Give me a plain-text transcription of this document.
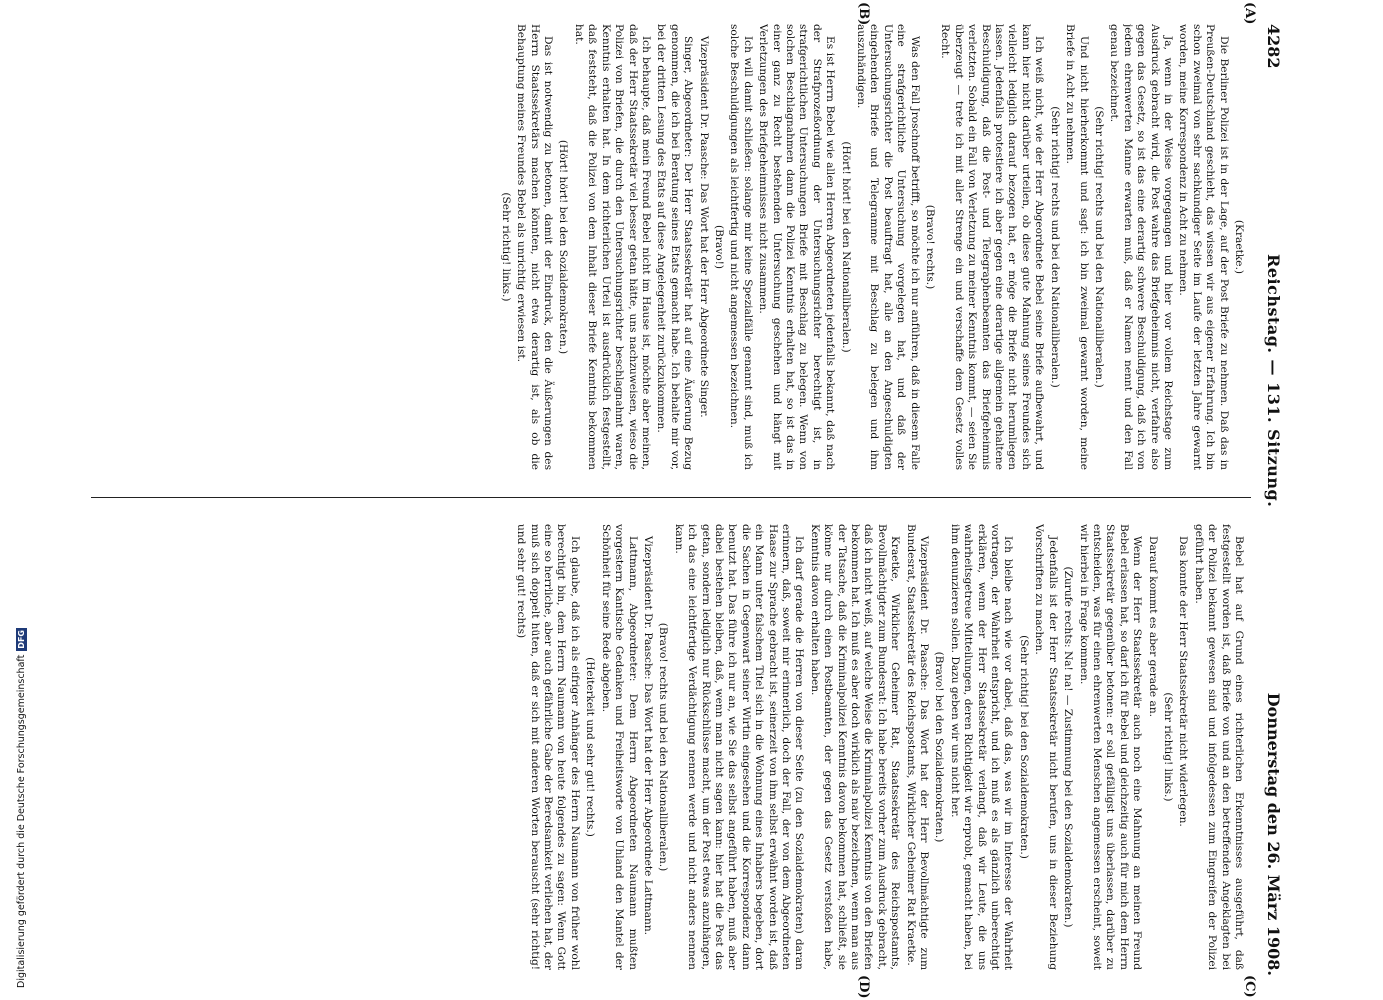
4282
Reichstag. — 131. Sitzung.
Donnerstag den 26. März 1908.
(A)
(B)
(C)
(D)

(Kraetke.)

Die Berliner Polizei ist in der Lage, auf der Post Briefe zu nehmen. Daß das in Preußen-Deutschland geschieht, das wissen wir aus eigener Erfahrung. Ich bin schon zweimal von sehr sachkundiger Seite im Laufe der letzten Jahre gewarnt worden, meine Korrespondenz in Acht zu nehmen.

Ja, wenn in der Weise vorgegangen und hier vor vollem Reichstage zum Ausdruck gebracht wird, die Post wahre das Briefgeheimnis nicht, verfahre also gegen das Gesetz, so ist das eine derartig schwere Beschuldigung, daß ich von jedem ehrenwerten Manne erwarten muß, daß er Namen nennt und den Fall genau bezeichnet.

(Sehr richtig! rechts und bei den Nationalliberalen.)

Und nicht hierherkommt und sagt: ich bin zweimal gewarnt worden, meine Briefe in Acht zu nehmen.

(Sehr richtig! rechts und bei den Nationalliberalen.)

Ich weiß nicht, wie der Herr Abgeordnete Bebel seine Briefe aufbewahrt, und kann hier nicht darüber urteilen, ob diese gute Mahnung seines Freundes sich vielleicht lediglich darauf bezogen hat, er möge die Briefe nicht herumliegen lassen. Jedenfalls protestiere ich aber gegen eine derartige allgemein gehaltene Beschuldigung, daß die Post- und Telegraphenbeamten das Briefgeheimnis verletzten. Sobald ein Fall von Verletzung zu meiner Kenntnis kommt, — seien Sie überzeugt — trete ich mit aller Strenge ein und verschaffe dem Gesetz volles Recht.

(Bravo! rechts.)

Was den Fall Jroschnoff betrifft, so möchte ich nur anführen, daß in diesem Falle eine strafgerichtliche Untersuchung vorgelegen hat, und daß der Untersuchungsrichter die Post beauftragt hat, alle an den Angeschuldigten eingehenden Briefe und Telegramme mit Beschlag zu belegen und ihm auszuhändigen.

(Hört! hört! bei den Nationalliberalen.)

Es ist Herrn Bebel wie allen Herren Abgeordneten jedenfalls bekannt, daß nach der Strafprozeßordnung der Untersuchungsrichter berechtigt ist, in strafgerichtlichen Untersuchungen Briefe mit Beschlag zu belegen. Wenn von solchen Beschlagnahmen dann die Polizei Kenntnis erhalten hat, so ist das in einer ganz zu Recht bestehenden Untersuchung geschehen und hängt mit Verletzungen des Briefgeheimnisses nicht zusammen.

Ich will damit schließen: solange mir keine Spezialfälle genannt sind, muß ich solche Beschuldigungen als leichtfertig und nicht angemessen bezeichnen.

(Bravo!)

Vizepräsident Dr. Paasche: Das Wort hat der Herr Abgeordnete Singer.

Singer, Abgeordneter: Der Herr Staatssekretär hat auf eine Äußerung Bezug genommen, die ich bei Beratung seines Etats gemacht habe. Ich behalte mir vor, bei der dritten Lesung des Etats auf diese Angelegenheit zurückzukommen.

Ich behaupte, daß mein Freund Bebel nicht im Hause ist, möchte aber meinen, daß der Herr Staatssekretär viel besser getan hätte, uns nachzuweisen, wieso die Polizei von Briefen, die durch den Untersuchungsrichter beschlagnahmt waren, Kenntnis erhalten hat. In dem richterlichen Urteil ist ausdrücklich festgestellt, daß feststeht, daß die Polizei von dem Inhalt dieser Briefe Kenntnis bekommen hat.

(Hört! hört! bei den Sozialdemokraten.)

Das ist notwendig zu betonen, damit der Eindruck, den die Äußerungen des Herrn Staatssekretärs machen könnten, nicht etwa derartig ist, als ob die Behauptung meines Freundes Bebel als unrichtig erwiesen ist.

(Sehr richtig! links.)

Bebel hat auf Grund eines richterlichen Erkenntnisses ausgeführt, daß festgestellt worden ist, daß Briefe von und an den betreffenden Angeklagten bei der Polizei bekannt gewesen sind und infolgedessen zum Eingreifen der Polizei geführt haben.

Das konnte der Herr Staatssekretär nicht widerlegen.

(Sehr richtig! links.)

Darauf kommt es aber gerade an.

Wenn der Herr Staatssekretär auch noch eine Mahnung an meinen Freund Bebel erlassen hat, so darf ich für Bebel und gleichzeitig auch für mich dem Herrn Staatssekretär gegenüber betonen: er soll gefälligst uns überlassen, darüber zu entscheiden, was für einen ehrenwerten Menschen angemessen erscheint, soweit wir hierbei in Frage kommen.

(Zurufe rechts: Na! na! — Zustimmung bei den Sozialdemokraten.)

Jedenfalls ist der Herr Staatssekretär nicht berufen, uns in dieser Beziehung Vorschriften zu machen.

(Sehr richtig! bei den Sozialdemokraten.)

Ich bleibe nach wie vor dabei, daß das, was wir im Interesse der Wahrheit vortragen, der Wahrheit entspricht, und ich muß es als gänzlich unberechtigt erklären, wenn der Herr Staatssekretär verlangt, daß wir Leute, die uns wahrheitsgetreue Mitteilungen, deren Richtigkeit wir erprobt, gemacht haben, bei ihm denunzieren sollen. Dazu geben wir uns nicht her.

(Bravo! bei den Sozialdemokraten.)

Vizepräsident Dr. Paasche: Das Wort hat der Herr Bevollmächtigte zum Bundesrat, Staatssekretär des Reichspostamts, Wirklicher Geheimer Rat Kraetke.

Kraetke, Wirklicher Geheimer Rat, Staatssekretär des Reichspostamts, Bevollmächtigter zum Bundesrat: Ich habe bereits vorher zum Ausdruck gebracht, daß ich nicht weiß, auf welche Weise die Kriminalpolizei Kenntnis von den Briefen bekommen hat. Ich muß es aber doch wirklich als naiv bezeichnen, wenn man aus der Tatsache, daß die Kriminalpolizei Kenntnis davon bekommen hat, schließt, sie könne nur durch einen Postbeamten, der gegen das Gesetz verstoßen habe, Kenntnis davon erhalten haben.

Ich darf gerade die Herren von dieser Seite (zu den Sozialdemokraten) daran erinnern, daß, soweit mir erinnerlich, doch der Fall, der von dem Abgeordneten Haase zur Sprache gebracht ist, seinerzeit von ihm selbst erwähnt worden ist, daß ein Mann unter falschem Titel sich in die Wohnung eines Inhabers begeben, dort die Sachen in Gegenwart seiner Wirtin eingesehen und die Korrespondenz dann benutzt hat. Das führe ich nur an, wie Sie das selbst angeführt haben, muß aber dabei bestehen bleiben, daß, wenn man nicht sagen kann: hier hat die Post das getan, sondern lediglich nur Rückschlüsse macht, um der Post etwas anzuhängen, ich das eine leichtfertige Verdächtigung nennen werde und nicht anders nennen kann.

(Bravo! rechts und bei den Nationalliberalen.)

Vizepräsident Dr. Paasche: Das Wort hat der Herr Abgeordnete Lattmann.

Lattmann, Abgeordneter: Dem Herrn Abgeordneten Naumann mußten vorgestern Kantische Gedanken und Freiheitsworte von Uhland den Mantel der Schönheit für seine Rede abgeben.

(Heiterkeit und sehr gut! rechts.)

Ich glaube, daß ich als eifriger Anhänger des Herrn Naumann von früher wohl berechtigt bin, dem Herrn Naumann von heute folgendes zu sagen: Wenn Gott eine so herrliche, aber auch gefährliche Gabe der Beredsamkeit verliehen hat, der muß sich doppelt hüten, daß er sich mit anderen Worten berauscht (sehr richtig! und sehr gut! rechts)

Digitalisierung gefördert durch die Deutsche Forschungsgemeinschaft
DFG
